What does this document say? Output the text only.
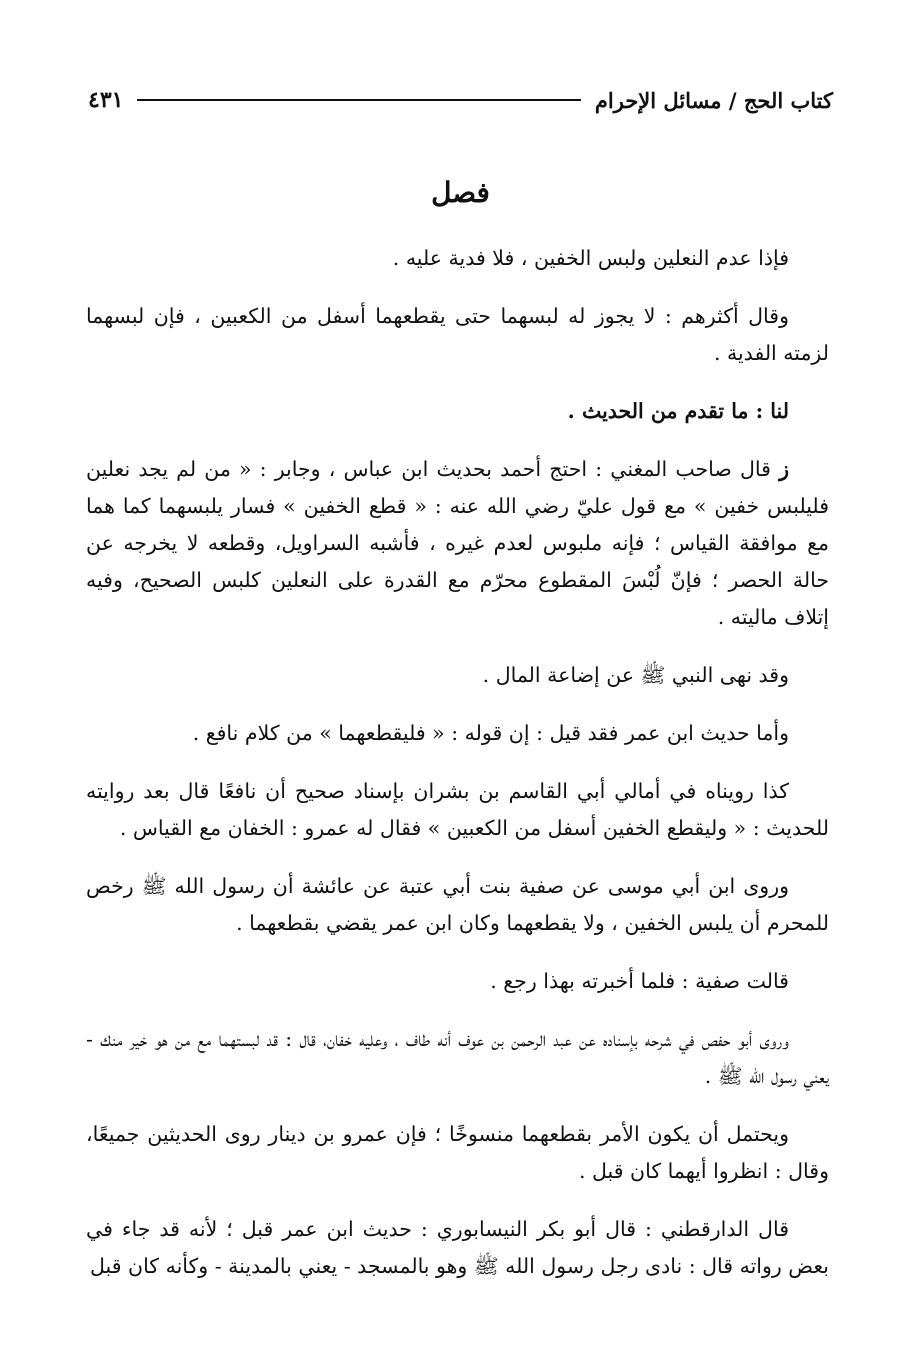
كتاب الحج / مسائل الإحرام
٤٣١
فصل

فإذا عدم النعلين ولبس الخفين ، فلا فدية عليه .

وقال أكثرهم : لا يجوز له لبسهما حتى يقطعهما أسفل من الكعبين ، فإن لبسهما لزمته الفدية .

لنا : ما تقدم من الحديث .

ز قال صاحب المغني : احتج أحمد بحديث ابن عباس ، وجابر : « من لم يجد نعلين فليلبس خفين » مع قول عليّ رضي الله عنه : « قطع الخفين » فسار يلبسهما كما هما مع موافقة القياس ؛ فإنه ملبوس لعدم غيره ، فأشبه السراويل، وقطعه لا يخرجه عن حالة الحصر ؛ فإنّ لُبْسَ المقطوع محرّم مع القدرة على النعلين كلبس الصحيح، وفيه إتلاف ماليته .

وقد نهى النبي ﷺ عن إضاعة المال .

وأما حديث ابن عمر فقد قيل : إن قوله : « فليقطعهما » من كلام نافع .

كذا رويناه في أمالي أبي القاسم بن بشران بإسناد صحيح أن نافعًا قال بعد روايته للحديث : « وليقطع الخفين أسفل من الكعبين » فقال له عمرو : الخفان مع القياس .

وروى ابن أبي موسى عن صفية بنت أبي عتبة عن عائشة أن رسول الله ﷺ رخص للمحرم أن يلبس الخفين ، ولا يقطعهما وكان ابن عمر يقضي بقطعهما .

قالت صفية : فلما أخبرته بهذا رجع .

وروى أبو حفص في شرحه بإسناده عن عبد الرحمن بن عوف أنه طاف ، وعليه خفان، قال : قد لبستهما مع من هو خير منك - يعني رسول الله ﷺ .

ويحتمل أن يكون الأمر بقطعهما منسوخًا ؛ فإن عمرو بن دينار روى الحديثين جميعًا، وقال : انظروا أيهما كان قبل .

قال الدارقطني : قال أبو بكر النيسابوري : حديث ابن عمر قبل ؛ لأنه قد جاء في بعض رواته قال : نادى رجل رسول الله ﷺ وهو بالمسجد - يعني بالمدينة - وكأنه كان قبل
